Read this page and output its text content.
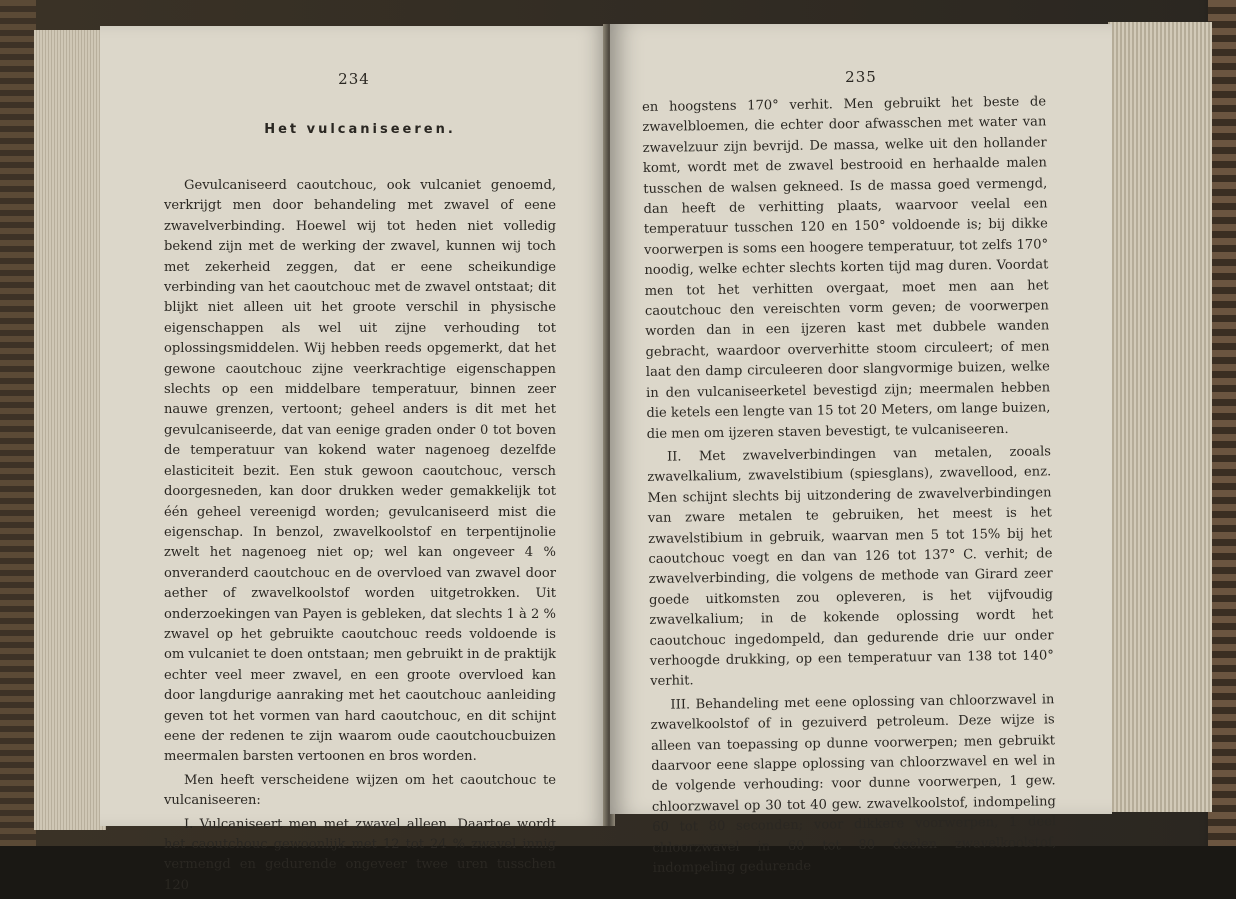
234
Het vulcaniseeren.

Gevulcaniseerd caoutchouc, ook vulcaniet genoemd, verkrijgt men door behandeling met zwavel of eene zwavelverbinding. Hoewel wij tot heden niet volledig bekend zijn met de werking der zwavel, kunnen wij toch met zekerheid zeggen, dat er eene scheikundige verbinding van het caoutchouc met de zwavel ontstaat; dit blijkt niet alleen uit het groote verschil in physische eigenschappen als wel uit zijne verhouding tot oplossingsmiddelen. Wij hebben reeds opgemerkt, dat het gewone caoutchouc zijne veerkrachtige eigenschappen slechts op een middelbare temperatuur, binnen zeer nauwe grenzen, vertoont; geheel anders is dit met het gevulcaniseerde, dat van eenige graden onder 0 tot boven de temperatuur van kokend water nagenoeg dezelfde elasticiteit bezit. Een stuk gewoon caoutchouc, versch doorgesneden, kan door drukken weder gemakkelijk tot één geheel vereenigd worden; gevulcaniseerd mist die eigenschap. In benzol, zwavelkoolstof en terpentijnolie zwelt het nagenoeg niet op; wel kan ongeveer 4 % onveranderd caoutchouc en de overvloed van zwavel door aether of zwavelkoolstof worden uitgetrokken. Uit onderzoekingen van Payen is gebleken, dat slechts 1 à 2 % zwavel op het gebruikte caoutchouc reeds voldoende is om vulcaniet te doen ontstaan; men gebruikt in de praktijk echter veel meer zwavel, en een groote overvloed kan door langdurige aanraking met het caoutchouc aanleiding geven tot het vormen van hard caoutchouc, en dit schijnt eene der redenen te zijn waarom oude caoutchoucbuizen meermalen barsten vertoonen en bros worden.

Men heeft verscheidene wijzen om het caoutchouc te vulcaniseeren:

I. Vulcaniseert men met zwavel alleen. Daartoe wordt het caoutchouc gewoonlijk met 12 tot 24 % zwavel innig vermengd en gedurende ongeveer twee uren tusschen 120

235

en hoogstens 170° verhit. Men gebruikt het beste de zwavelbloemen, die echter door afwasschen met water van zwavelzuur zijn bevrijd. De massa, welke uit den hollander komt, wordt met de zwavel bestrooid en herhaalde malen tusschen de walsen gekneed. Is de massa goed vermengd, dan heeft de verhitting plaats, waarvoor veelal een temperatuur tusschen 120 en 150° voldoende is; bij dikke voorwerpen is soms een hoogere temperatuur, tot zelfs 170° noodig, welke echter slechts korten tijd mag duren. Voordat men tot het verhitten overgaat, moet men aan het caoutchouc den vereischten vorm geven; de voorwerpen worden dan in een ijzeren kast met dubbele wanden gebracht, waardoor oververhitte stoom circuleert; of men laat den damp circuleeren door slangvormige buizen, welke in den vulcaniseerketel bevestigd zijn; meermalen hebben die ketels een lengte van 15 tot 20 Meters, om lange buizen, die men om ijzeren staven bevestigt, te vulcaniseeren.

II. Met zwavelverbindingen van metalen, zooals zwavelkalium, zwavelstibium (spiesglans), zwavellood, enz. Men schijnt slechts bij uitzondering de zwavelverbindingen van zware metalen te gebruiken, het meest is het zwavelstibium in gebruik, waarvan men 5 tot 15% bij het caoutchouc voegt en dan van 126 tot 137° C. verhit; de zwavelverbinding, die volgens de methode van Girard zeer goede uitkomsten zou opleveren, is het vijfvoudig zwavelkalium; in de kokende oplossing wordt het caoutchouc ingedompeld, dan gedurende drie uur onder verhoogde drukking, op een temperatuur van 138 tot 140° verhit.

III. Behandeling met eene oplossing van chloorzwavel in zwavelkoolstof of in gezuiverd petroleum. Deze wijze is alleen van toepassing op dunne voorwerpen; men gebruikt daarvoor eene slappe oplossing van chloorzwavel en wel in de volgende verhouding: voor dunne voorwerpen, 1 gew. chloorzwavel op 30 tot 40 gew. zwavelkoolstof, indompeling 60 tot 80 seconden; voor dikkere voorwerpen, 1 deel chloorzwavel in 60 tot 80 deelen zwavelkoolstof, indompeling gedurende
